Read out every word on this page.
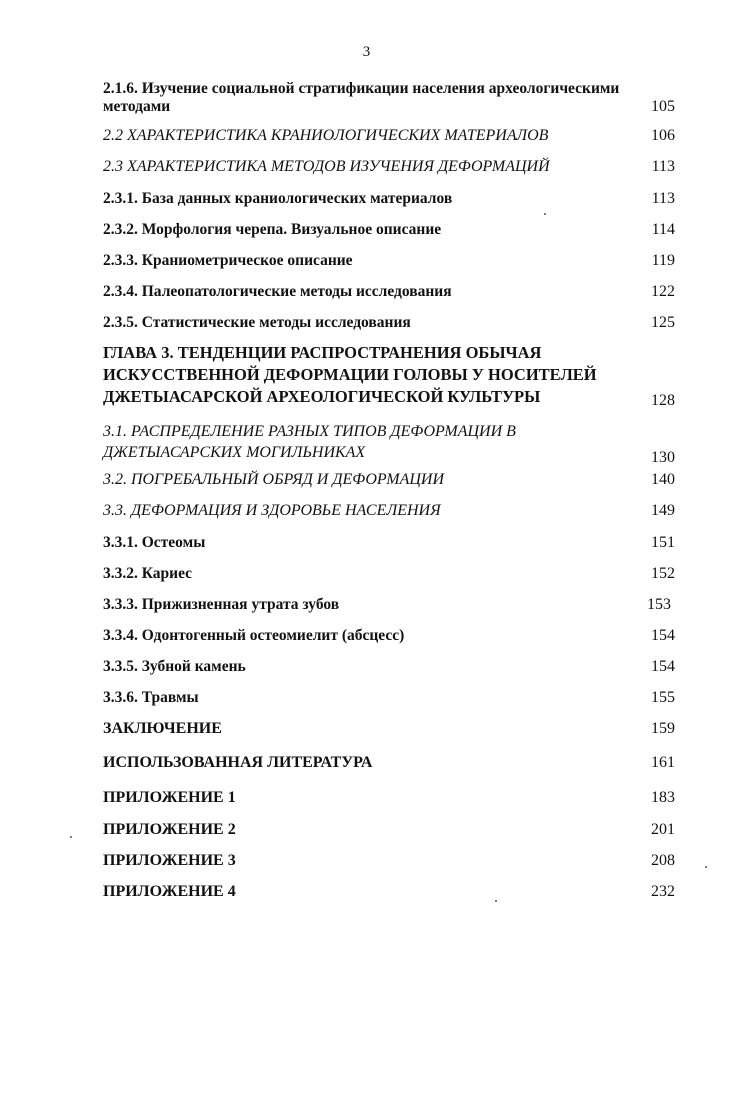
3
2.1.6. Изучение социальной стратификации населения археологическими методами	105
2.2 ХАРАКТЕРИСТИКА КРАНИОЛОГИЧЕСКИХ МАТЕРИАЛОВ	106
2.3 ХАРАКТЕРИСТИКА МЕТОДОВ ИЗУЧЕНИЯ ДЕФОРМАЦИЙ	113
2.3.1. База данных краниологических материалов	113
2.3.2. Морфология черепа. Визуальное описание	114
2.3.3. Краниометрическое описание	119
2.3.4. Палеопатологические методы исследования	122
2.3.5. Статистические методы исследования	125
ГЛАВА 3. ТЕНДЕНЦИИ РАСПРОСТРАНЕНИЯ ОБЫЧАЯ ИСКУССТВЕННОЙ ДЕФОРМАЦИИ ГОЛОВЫ У НОСИТЕЛЕЙ ДЖЕТЫАСАРСКОЙ АРХЕОЛОГИЧЕСКОЙ КУЛЬТУРЫ	128
3.1. РАСПРЕДЕЛЕНИЕ РАЗНЫХ ТИПОВ ДЕФОРМАЦИИ В ДЖЕТЫАСАРСКИХ МОГИЛЬНИКАХ	130
3.2. ПОГРЕБАЛЬНЫЙ ОБРЯД И ДЕФОРМАЦИИ	140
3.3. ДЕФОРМАЦИЯ И ЗДОРОВЬЕ НАСЕЛЕНИЯ	149
3.3.1. Остеомы	151
3.3.2. Кариес	152
3.3.3. Прижизненная утрата зубов	153
3.3.4. Одонтогенный остеомиелит (абсцесс)	154
3.3.5. Зубной камень	154
3.3.6. Травмы	155
ЗАКЛЮЧЕНИЕ	159
ИСПОЛЬЗОВАННАЯ ЛИТЕРАТУРА	161
ПРИЛОЖЕНИЕ 1	183
ПРИЛОЖЕНИЕ 2	201
ПРИЛОЖЕНИЕ 3	208
ПРИЛОЖЕНИЕ 4	232
